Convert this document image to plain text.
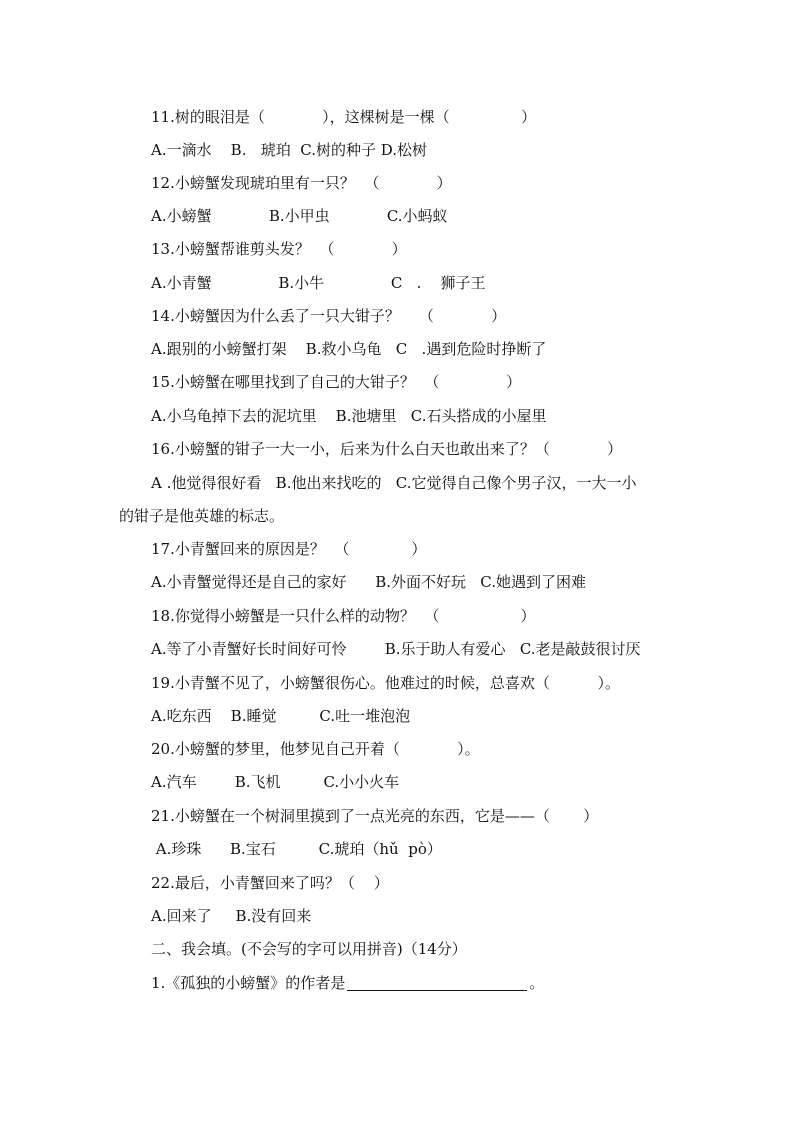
11.树的眼泪是（            ），这棵树是一棵（               ）
A.一滴水    B.   琥珀  C.树的种子 D.松树
12.小螃蟹发现琥珀里有一只？  （            ）
A.小螃蟹            B.小甲虫            C.小蚂蚁
13.小螃蟹帮谁剪头发？  （            ）
A.小青蟹              B.小牛              C   .    狮子王
14.小螃蟹因为什么丢了一只大钳子？    （            ）
A.跟别的小螃蟹打架    B.救小乌龟   C   .遇到危险时挣断了
15.小螃蟹在哪里找到了自己的大钳子？  （              ）
A.小乌龟掉下去的泥坑里    B.池塘里   C.石头搭成的小屋里
16.小螃蟹的钳子一大一小，后来为什么白天也敢出来了？（            ）
A .他觉得很好看   B.他出来找吃的   C.它觉得自己像个男子汉，一大一小
的钳子是他英雄的标志。
17.小青蟹回来的原因是？  （             ）
A.小青蟹觉得还是自己的家好      B.外面不好玩   C.她遇到了困难
18.你觉得小螃蟹是一只什么样的动物？  （                 ）
A.等了小青蟹好长时间好可怜        B.乐于助人有爱心   C.老是敲鼓很讨厌
19.小青蟹不见了，小螃蟹很伤心。他难过的时候，总喜欢（          ）。
A.吃东西    B.睡觉         C.吐一堆泡泡
20.小螃蟹的梦里，他梦见自己开着（            ）。
A.汽车        B.飞机         C.小小火车
21.小螃蟹在一个树洞里摸到了一点光亮的东西，它是——（       ）
A.珍珠      B.宝石         C.琥珀（hǔ  pò）
22.最后，小青蟹回来了吗？（    ）
A.回来了     B.没有回来
二、我会填。(不会写的字可以用拼音)（14分）
1.《孤独的小螃蟹》的作者是	。
